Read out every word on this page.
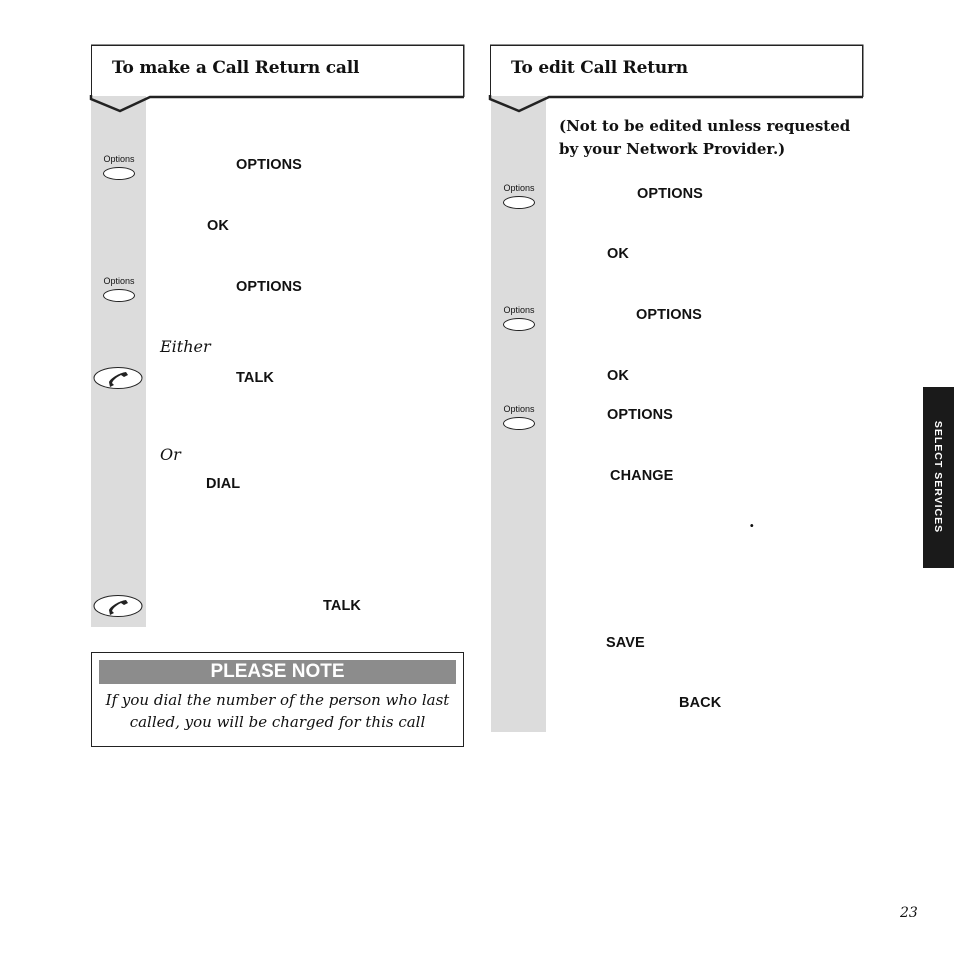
To make a Call Return call
Options	OPTIONS
OK
Options	OPTIONS
Either
TALK
Or
DIAL
TALK
PLEASE NOTE
If you dial the number of the person who last called, you will be charged for this call
To edit Call Return
(Not to be edited unless requested by your Network Provider.)
Options	OPTIONS
OK
Options	OPTIONS
OK
Options	OPTIONS
CHANGE
.
SAVE
BACK
SELECT SERVICES
23
